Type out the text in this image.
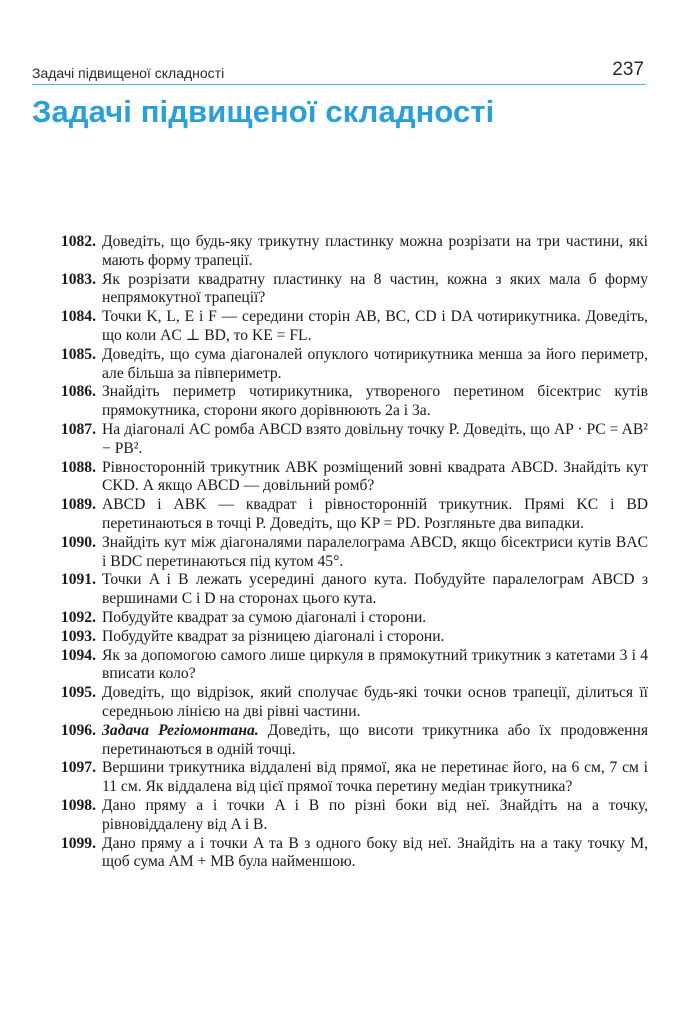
Задачі підвищеної складності	237
Задачі підвищеної складності

1082. Доведіть, що будь-яку трикутну пластинку можна розрізати на три частини, які мають форму трапеції.

1083. Як розрізати квадратну пластинку на 8 частин, кожна з яких мала б форму непрямокутної трапеції?

1084. Точки K, L, E і F — середини сторін AB, BC, CD і DA чотирикутника. Доведіть, що коли AC ⊥ BD, то KE = FL.

1085. Доведіть, що сума діагоналей опуклого чотирикутника менша за його периметр, але більша за півпериметр.

1086. Знайдіть периметр чотирикутника, утвореного перетином бісектрис кутів прямокутника, сторони якого дорівнюють 2a і 3a.

1087. На діагоналі AC ромба ABCD взято довільну точку P. Доведіть, що AP · PC = AB² − PB².

1088. Рівносторонній трикутник ABK розміщений зовні квадрата ABCD. Знайдіть кут CKD. А якщо ABCD — довільний ромб?

1089. ABCD і ABK — квадрат і рівносторонній трикутник. Прямі KC і BD перетинаються в точці P. Доведіть, що KP = PD. Розгляньте два випадки.

1090. Знайдіть кут між діагоналями паралелограма ABCD, якщо бісектриси кутів BAC і BDC перетинаються під кутом 45°.

1091. Точки A і B лежать усередині даного кута. Побудуйте паралелограм ABCD з вершинами C і D на сторонах цього кута.

1092. Побудуйте квадрат за сумою діагоналі і сторони.

1093. Побудуйте квадрат за різницею діагоналі і сторони.

1094. Як за допомогою самого лише циркуля в прямокутний трикутник з катетами 3 і 4 вписати коло?

1095. Доведіть, що відрізок, який сполучає будь-які точки основ трапеції, ділиться її середньою лінією на дві рівні частини.

1096. Задача Регіомонтана. Доведіть, що висоти трикутника або їх продовження перетинаються в одній точці.

1097. Вершини трикутника віддалені від прямої, яка не перетинає його, на 6 см, 7 см і 11 см. Як віддалена від цієї прямої точка перетину медіан трикутника?

1098. Дано пряму a і точки A і B по різні боки від неї. Знайдіть на a точку, рівновіддалену від A і B.

1099. Дано пряму a і точки A та B з одного боку від неї. Знайдіть на a таку точку M, щоб сума AM + MB була найменшою.
